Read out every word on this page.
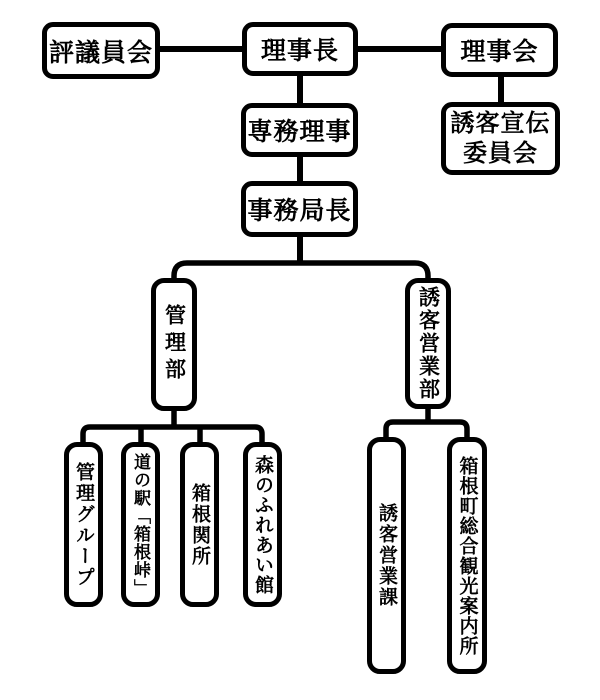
評議員会	理事長	理事会
誘客宣伝
委員会
専務理事
事務局長
管理部	誘客営業部
管理グループ 道の駅「箱根峠」 箱根関所 森のふれあい館	誘客営業課	箱根町総合観光案内所
